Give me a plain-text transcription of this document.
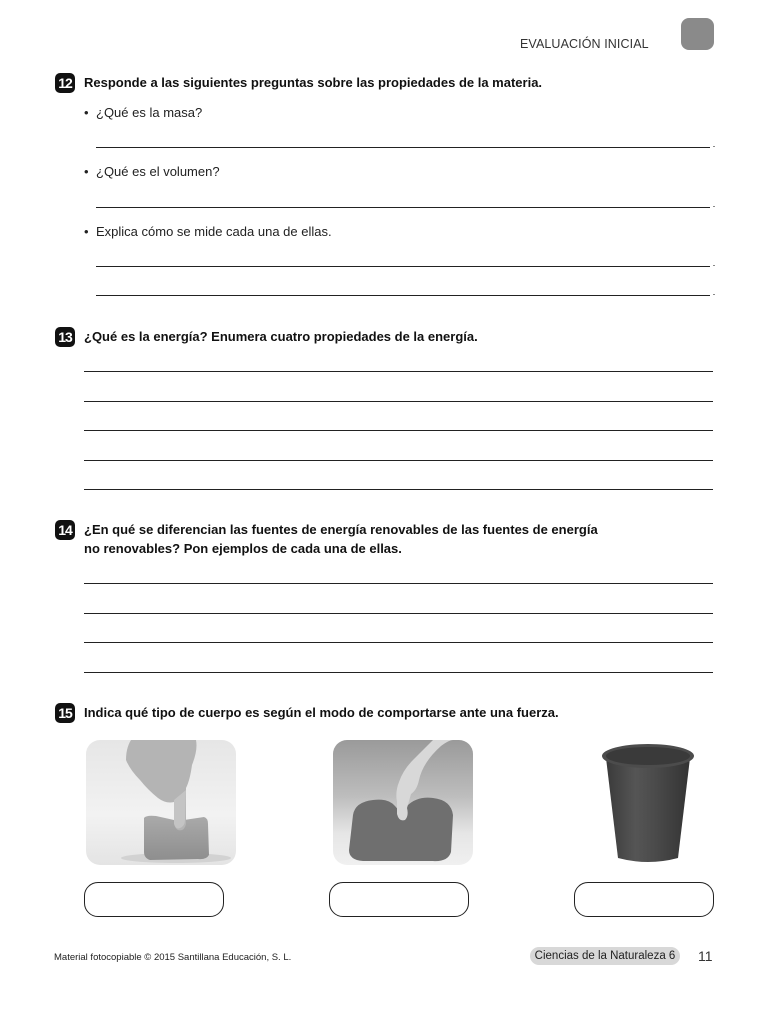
EVALUACIÓN INICIAL
12 Responde a las siguientes preguntas sobre las propiedades de la materia.
• ¿Qué es la masa?
• ¿Qué es el volumen?
• Explica cómo se mide cada una de ellas.
13 ¿Qué es la energía? Enumera cuatro propiedades de la energía.
14 ¿En qué se diferencian las fuentes de energía renovables de las fuentes de energía
no renovables? Pon ejemplos de cada una de ellas.
15 Indica qué tipo de cuerpo es según el modo de comportarse ante una fuerza.
Material fotocopiable © 2015 Santillana Educación, S. L.	Ciencias de la Naturaleza 6	11
